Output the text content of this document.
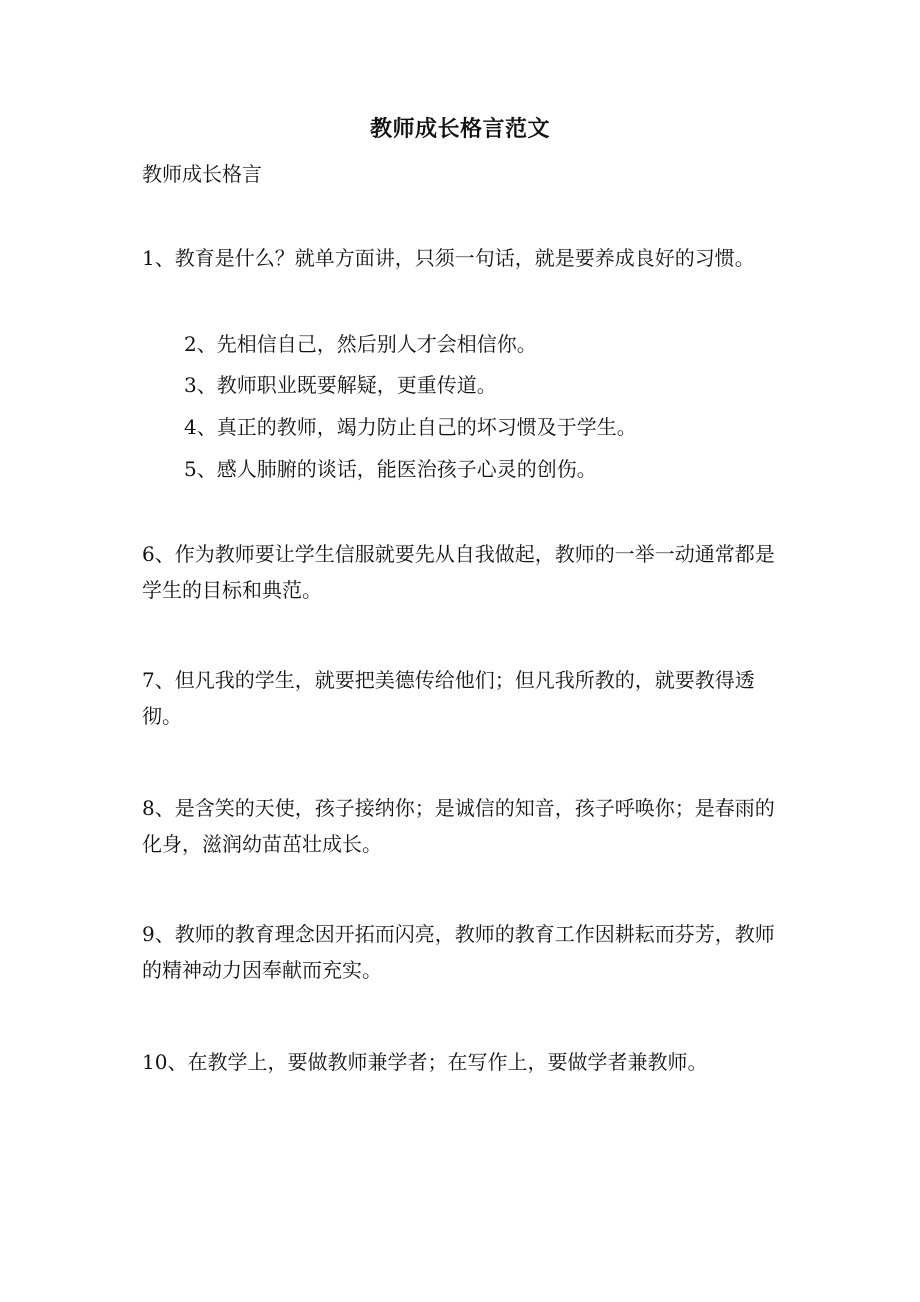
教师成长格言范文
教师成长格言

1、教育是什么？就单方面讲，只须一句话，就是要养成良好的习惯。

2、先相信自己，然后别人才会相信你。
3、教师职业既要解疑，更重传道。
4、真正的教师，竭力防止自己的坏习惯及于学生。
5、感人肺腑的谈话，能医治孩子心灵的创伤。

6、作为教师要让学生信服就要先从自我做起，教师的一举一动通常都是学生的目标和典范。

7、但凡我的学生，就要把美德传给他们；但凡我所教的，就要教得透彻。

8、是含笑的天使，孩子接纳你；是诚信的知音，孩子呼唤你；是春雨的化身，滋润幼苗茁壮成长。

9、教师的教育理念因开拓而闪亮，教师的教育工作因耕耘而芬芳，教师的精神动力因奉献而充实。

10、在教学上，要做教师兼学者；在写作上，要做学者兼教师。
